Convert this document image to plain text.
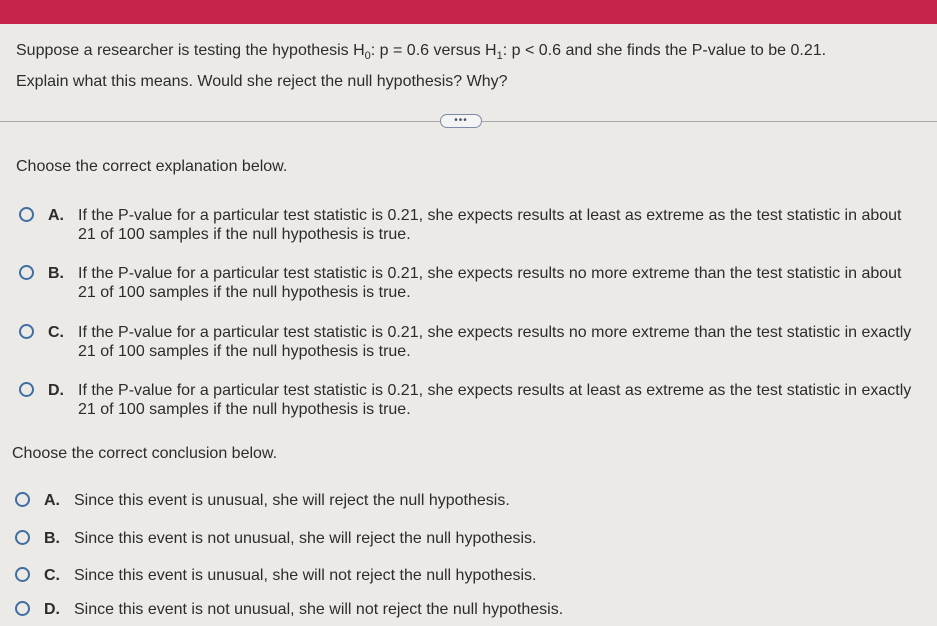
Suppose a researcher is testing the hypothesis $H_0$: p = 0.6 versus $H_1$: p < 0.6 and she finds the P-value to be 0.21.
Explain what this means. Would she reject the null hypothesis? Why?
•••
Choose the correct explanation below.
A. If the P-value for a particular test statistic is 0.21, she expects results at least as extreme as the test statistic in about 21 of 100 samples if the null hypothesis is true.
B. If the P-value for a particular test statistic is 0.21, she expects results no more extreme than the test statistic in about 21 of 100 samples if the null hypothesis is true.
C. If the P-value for a particular test statistic is 0.21, she expects results no more extreme than the test statistic in exactly 21 of 100 samples if the null hypothesis is true.
D. If the P-value for a particular test statistic is 0.21, she expects results at least as extreme as the test statistic in exactly 21 of 100 samples if the null hypothesis is true.
Choose the correct conclusion below.
A. Since this event is unusual, she will reject the null hypothesis.
B. Since this event is not unusual, she will reject the null hypothesis.
C. Since this event is unusual, she will not reject the null hypothesis.
D. Since this event is not unusual, she will not reject the null hypothesis.
